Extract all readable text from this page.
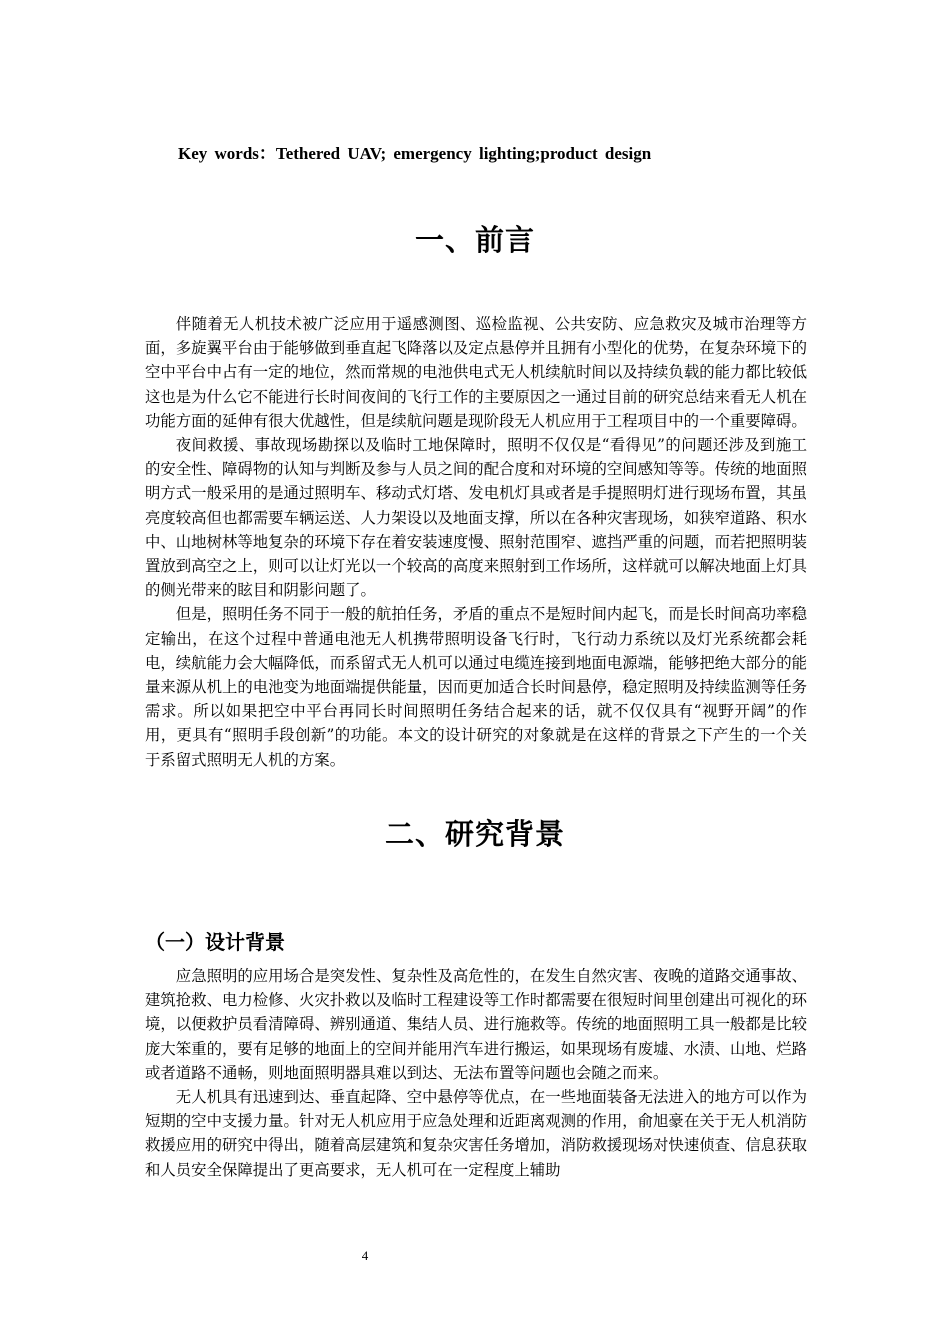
Key words：Tethered UAV; emergency lighting;product design
一、前言

伴随着无人机技术被广泛应用于遥感测图、巡检监视、公共安防、应急救灾及城市治理等方面，多旋翼平台由于能够做到垂直起飞降落以及定点悬停并且拥有小型化的优势，在复杂环境下的空中平台中占有一定的地位，然而常规的电池供电式无人机续航时间以及持续负载的能力都比较低这也是为什么它不能进行长时间夜间的飞行工作的主要原因之一通过目前的研究总结来看无人机在功能方面的延伸有很大优越性，但是续航问题是现阶段无人机应用于工程项目中的一个重要障碍。

夜间救援、事故现场勘探以及临时工地保障时，照明不仅仅是“看得见”的问题还涉及到施工的安全性、障碍物的认知与判断及参与人员之间的配合度和对环境的空间感知等等。传统的地面照明方式一般采用的是通过照明车、移动式灯塔、发电机灯具或者是手提照明灯进行现场布置，其虽亮度较高但也都需要车辆运送、人力架设以及地面支撑，所以在各种灾害现场，如狭窄道路、积水中、山地树林等地复杂的环境下存在着安装速度慢、照射范围窄、遮挡严重的问题，而若把照明装置放到高空之上，则可以让灯光以一个较高的高度来照射到工作场所，这样就可以解决地面上灯具的侧光带来的眩目和阴影问题了。

但是，照明任务不同于一般的航拍任务，矛盾的重点不是短时间内起飞，而是长时间高功率稳定输出，在这个过程中普通电池无人机携带照明设备飞行时，飞行动力系统以及灯光系统都会耗电，续航能力会大幅降低，而系留式无人机可以通过电缆连接到地面电源端，能够把绝大部分的能量来源从机上的电池变为地面端提供能量，因而更加适合长时间悬停，稳定照明及持续监测等任务需求。所以如果把空中平台再同长时间照明任务结合起来的话，就不仅仅具有“视野开阔”的作用，更具有“照明手段创新”的功能。本文的设计研究的对象就是在这样的背景之下产生的一个关于系留式照明无人机的方案。

二、研究背景
（一）设计背景

应急照明的应用场合是突发性、复杂性及高危性的，在发生自然灾害、夜晚的道路交通事故、建筑抢救、电力检修、火灾扑救以及临时工程建设等工作时都需要在很短时间里创建出可视化的环境，以便救护员看清障碍、辨别通道、集结人员、进行施救等。传统的地面照明工具一般都是比较庞大笨重的，要有足够的地面上的空间并能用汽车进行搬运，如果现场有废墟、水渍、山地、烂路或者道路不通畅，则地面照明器具难以到达、无法布置等问题也会随之而来。

无人机具有迅速到达、垂直起降、空中悬停等优点，在一些地面装备无法进入的地方可以作为短期的空中支援力量。针对无人机应用于应急处理和近距离观测的作用，俞旭豪在关于无人机消防救援应用的研究中得出，随着高层建筑和复杂灾害任务增加，消防救援现场对快速侦查、信息获取和人员安全保障提出了更高要求，无人机可在一定程度上辅助

4
